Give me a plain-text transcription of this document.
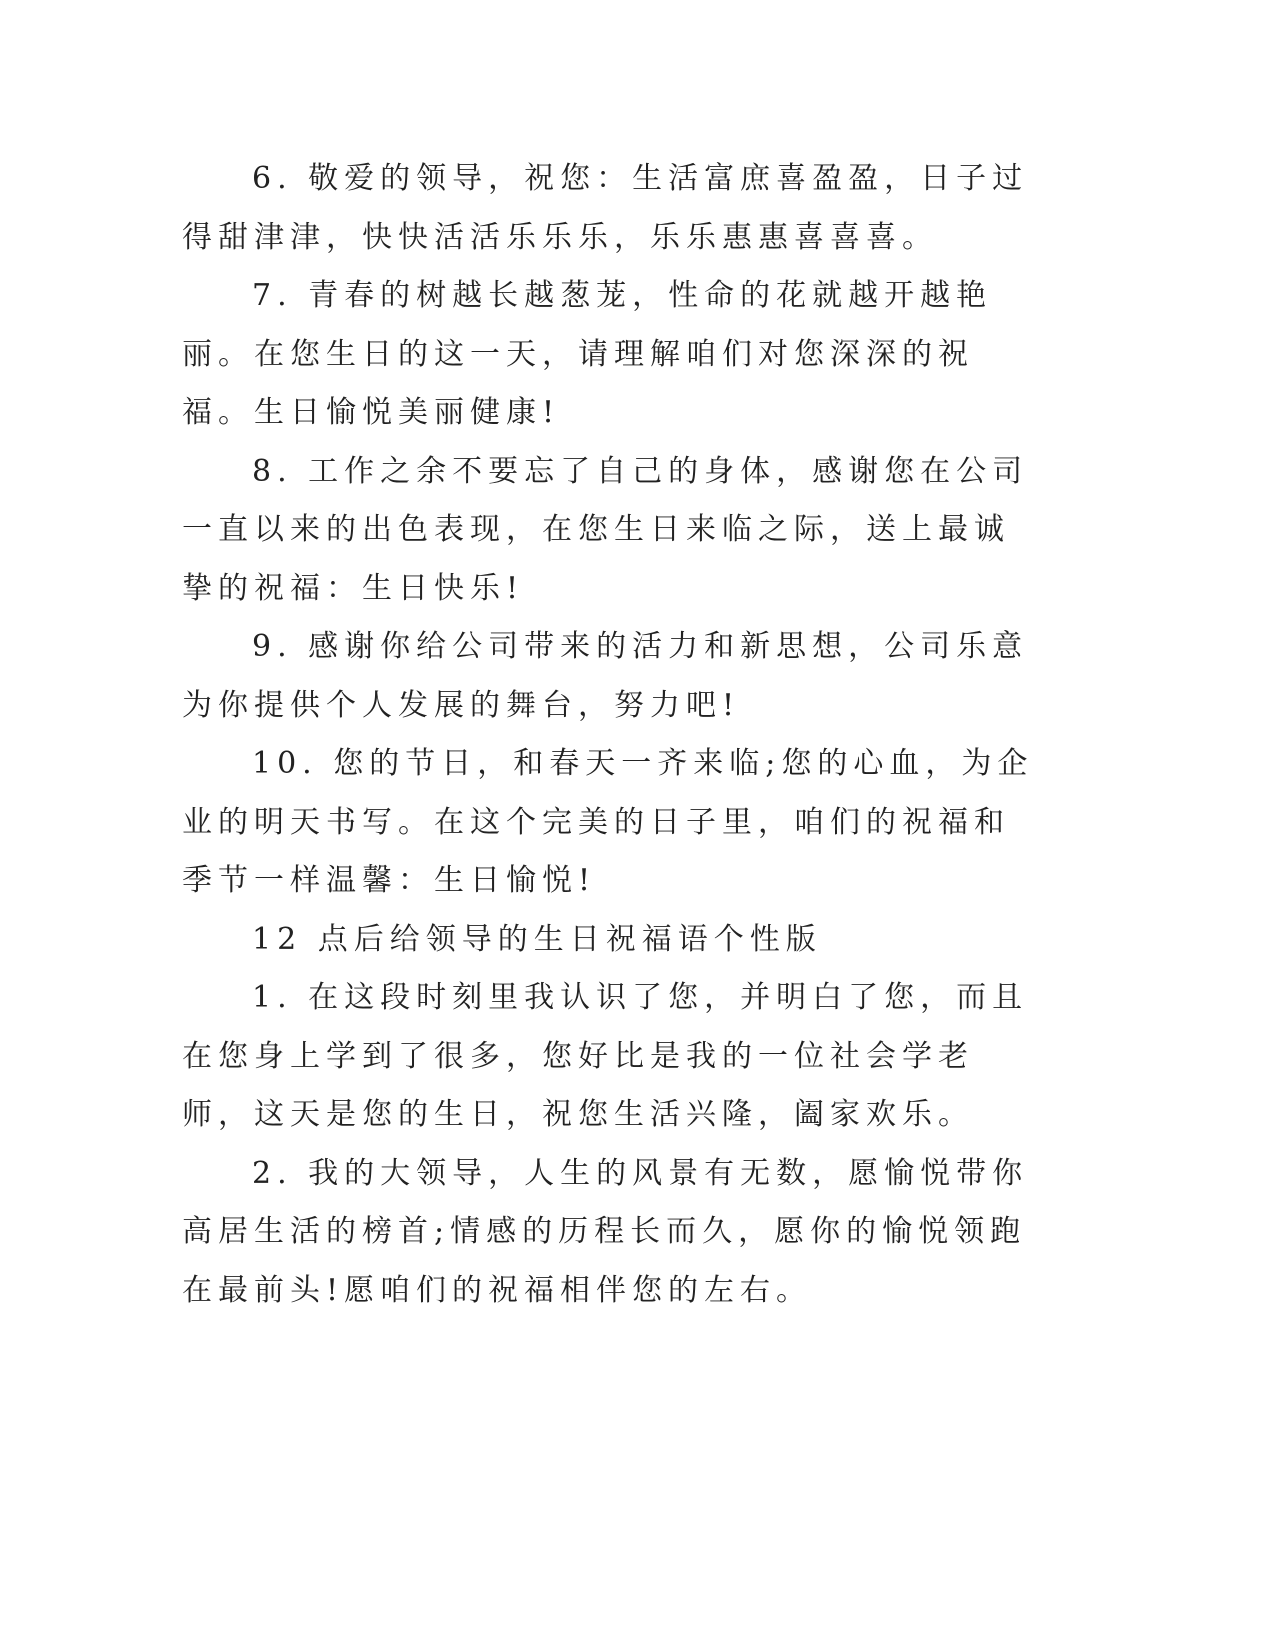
6. 敬爱的领导，祝您：生活富庶喜盈盈，日子过得甜津津，快快活活乐乐乐，乐乐惠惠喜喜喜。

7. 青春的树越长越葱茏，性命的花就越开越艳丽。在您生日的这一天，请理解咱们对您深深的祝福。生日愉悦美丽健康!

8. 工作之余不要忘了自己的身体，感谢您在公司一直以来的出色表现，在您生日来临之际，送上最诚挚的祝福：生日快乐!

9. 感谢你给公司带来的活力和新思想，公司乐意为你提供个人发展的舞台，努力吧!

10. 您的节日，和春天一齐来临;您的心血，为企业的明天书写。在这个完美的日子里，咱们的祝福和季节一样温馨：生日愉悦!

12 点后给领导的生日祝福语个性版

1. 在这段时刻里我认识了您，并明白了您，而且在您身上学到了很多，您好比是我的一位社会学老师，这天是您的生日，祝您生活兴隆，阖家欢乐。

2. 我的大领导，人生的风景有无数，愿愉悦带你高居生活的榜首;情感的历程长而久，愿你的愉悦领跑在最前头!愿咱们的祝福相伴您的左右。
